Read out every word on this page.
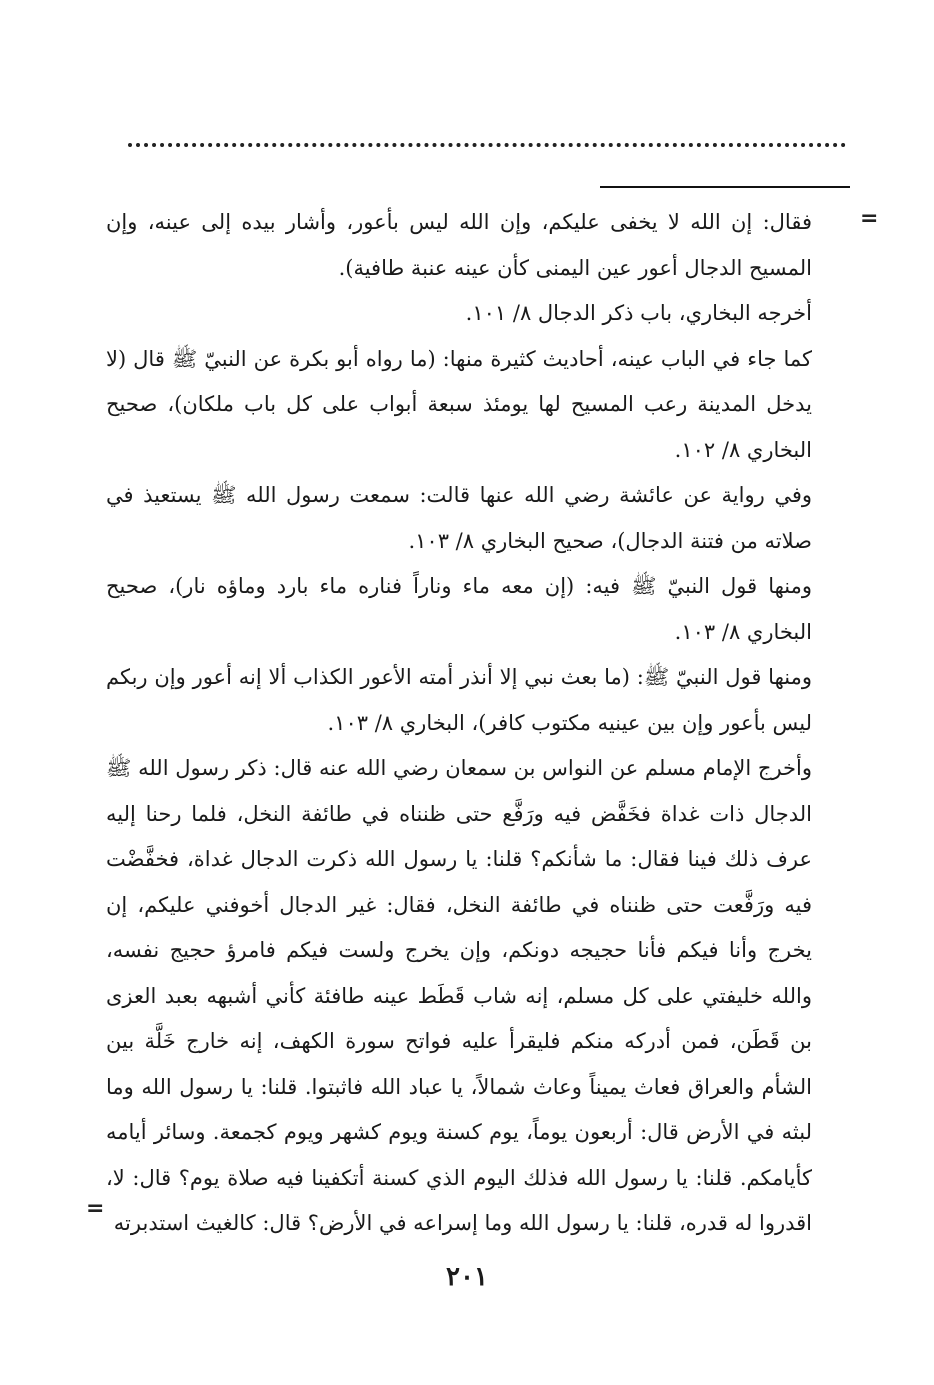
=

فقال: إن الله لا يخفى عليكم، وإن الله ليس بأعور، وأشار بيده إلى عينه، وإن المسيح الدجال أعور عين اليمنى كأن عينه عنبة طافية).

أخرجه البخاري، باب ذكر الدجال ٨/ ١٠١.

كما جاء في الباب عينه، أحاديث كثيرة منها: (ما رواه أبو بكرة عن النبيّ ﷺ قال (لا يدخل المدينة رعب المسيح لها يومئذ سبعة أبواب على كل باب ملكان)، صحيح البخاري ٨/ ١٠٢.

وفي رواية عن عائشة رضي الله عنها قالت: سمعت رسول الله ﷺ يستعيذ في صلاته من فتنة الدجال)، صحيح البخاري ٨/ ١٠٣.

ومنها قول النبيّ ﷺ فيه: (إن معه ماء وناراً فناره ماء بارد وماؤه نار)، صحيح البخاري ٨/ ١٠٣.

ومنها قول النبيّ ﷺ: (ما بعث نبي إلا أنذر أمته الأعور الكذاب ألا إنه أعور وإن ربكم ليس بأعور وإن بين عينيه مكتوب كافر)، البخاري ٨/ ١٠٣.

وأخرج الإمام مسلم عن النواس بن سمعان رضي الله عنه قال: ذكر رسول الله ﷺ الدجال ذات غداة فخَفَّض فيه ورَفَّع حتى ظنناه في طائفة النخل، فلما رحنا إليه عرف ذلك فينا فقال: ما شأنكم؟ قلنا: يا رسول الله ذكرت الدجال غداة، فخفَّضْت فيه ورَفَّعت حتى ظنناه في طائفة النخل، فقال: غير الدجال أخوفني عليكم، إن يخرج وأنا فيكم فأنا حجيجه دونكم، وإن يخرج ولست فيكم فامرؤ حجيج نفسه، والله خليفتي على كل مسلم، إنه شاب قَطَط عينه طافئة كأني أشبهه بعبد العزى بن قَطَن، فمن أدركه منكم فليقرأ عليه فواتح سورة الكهف، إنه خارج خَلَّة بين الشأم والعراق فعاث يميناً وعاث شمالاً، يا عباد الله فاثبتوا. قلنا: يا رسول الله وما لبثه في الأرض قال: أربعون يوماً، يوم كسنة ويوم كشهر ويوم كجمعة. وسائر أيامه كأيامكم. قلنا: يا رسول الله فذلك اليوم الذي كسنة أتكفينا فيه صلاة يوم؟ قال: لا، اقدروا له قدره، قلنا: يا رسول الله وما إسراعه في الأرض؟ قال: كالغيث استدبرته

=
٢٠١
